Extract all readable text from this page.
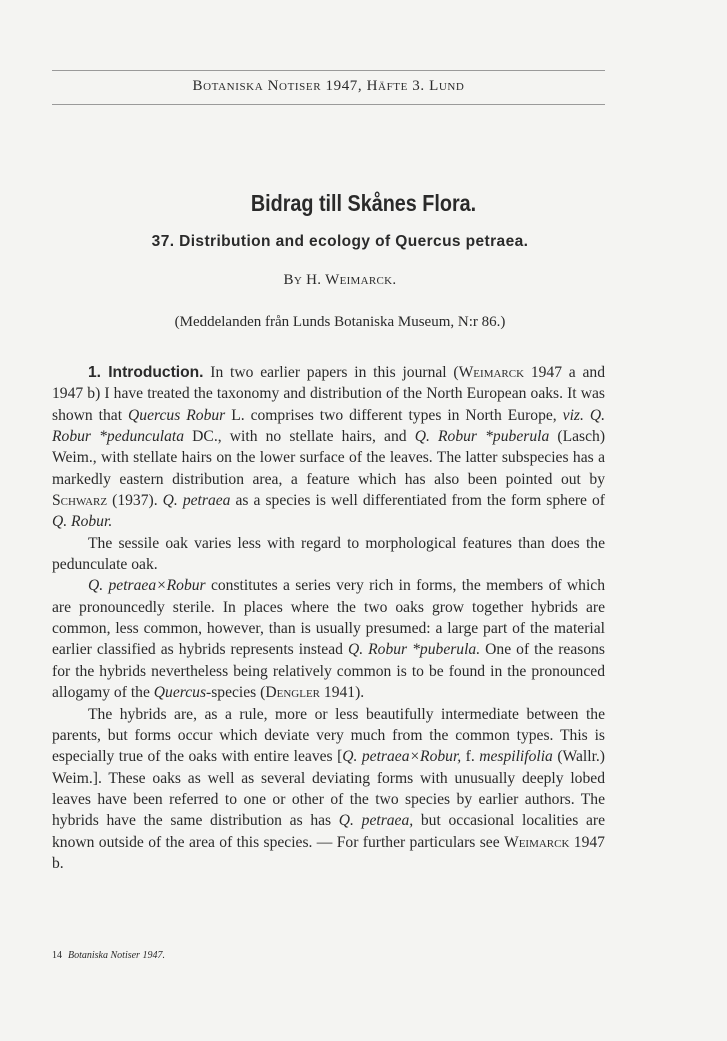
Botaniska Notiser 1947, Häfte 3. Lund
Bidrag till Skånes Flora.
37. Distribution and ecology of Quercus petraea.
By H. Weimarck.
(Meddelanden från Lunds Botaniska Museum, N:r 86.)

1. Introduction. In two earlier papers in this journal (Weimarck 1947 a and 1947 b) I have treated the taxonomy and distribution of the North European oaks. It was shown that Quercus Robur L. comprises two different types in North Europe, viz. Q. Robur *pedunculata DC., with no stellate hairs, and Q. Robur *puberula (Lasch) Weim., with stellate hairs on the lower surface of the leaves. The latter subspecies has a markedly eastern distribution area, a feature which has also been pointed out by Schwarz (1937). Q. petraea as a species is well differentiated from the form sphere of Q. Robur.

The sessile oak varies less with regard to morphological features than does the pedunculate oak.

Q. petraea×Robur constitutes a series very rich in forms, the members of which are pronouncedly sterile. In places where the two oaks grow together hybrids are common, less common, however, than is usually presumed: a large part of the material earlier classified as hybrids represents instead Q. Robur *puberula. One of the reasons for the hybrids nevertheless being relatively common is to be found in the pronounced allogamy of the Quercus-species (Dengler 1941).

The hybrids are, as a rule, more or less beautifully intermediate between the parents, but forms occur which deviate very much from the common types. This is especially true of the oaks with entire leaves [Q. petraea×Robur, f. mespilifolia (Wallr.) Weim.]. These oaks as well as several deviating forms with unusually deeply lobed leaves have been referred to one or other of the two species by earlier authors. The hybrids have the same distribution as has Q. petraea, but occasional localities are known outside of the area of this species. — For further particulars see Weimarck 1947 b.

14 Botaniska Notiser 1947.
